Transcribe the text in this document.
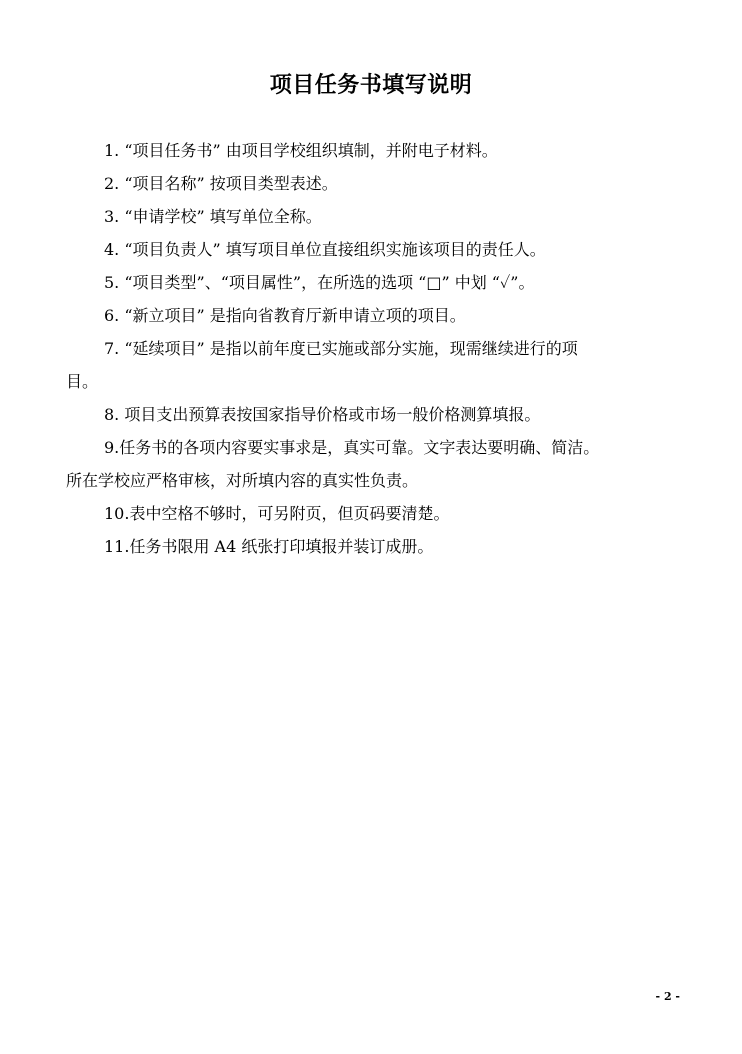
项目任务书填写说明
1. “项目任务书” 由项目学校组织填制，并附电子材料。
2. “项目名称” 按项目类型表述。
3. “申请学校” 填写单位全称。
4. “项目负责人” 填写项目单位直接组织实施该项目的责任人。
5. “项目类型”、“项目属性”，在所选的选项 “□” 中划 “✓”。
6. “新立项目” 是指向省教育厅新申请立项的项目。
7. “延续项目” 是指以前年度已实施或部分实施，现需继续进行的项
目。
8. 项目支出预算表按国家指导价格或市场一般价格测算填报。
9.任务书的各项内容要实事求是，真实可靠。文字表达要明确、简洁。
所在学校应严格审核，对所填内容的真实性负责。
10.表中空格不够时，可另附页，但页码要清楚。
11.任务书限用 A4 纸张打印填报并装订成册。
- 2 -
